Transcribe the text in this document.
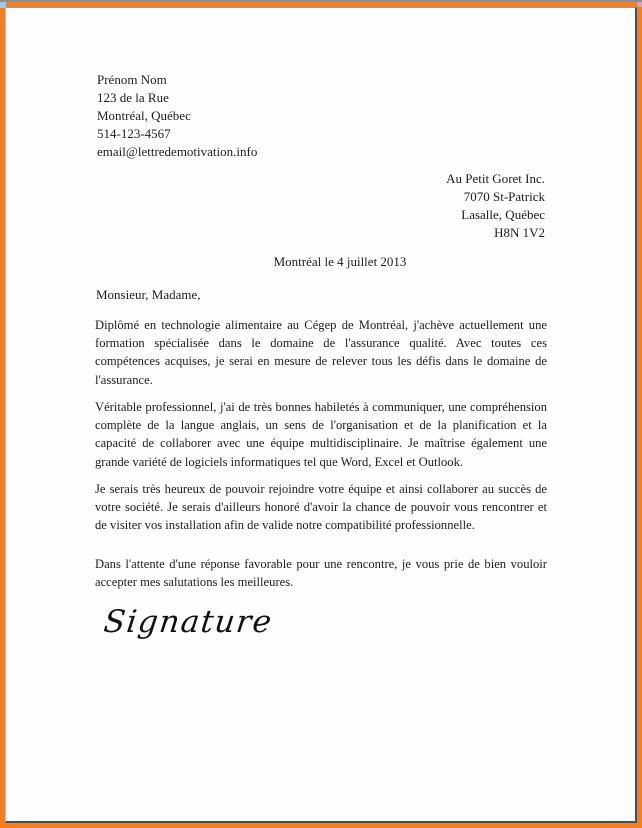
Prénom Nom
123 de la Rue
Montréal, Québec
514-123-4567
email@lettredemotivation.info
Au Petit Goret Inc.
7070 St-Patrick
Lasalle, Québec
H8N 1V2
Montréal le 4 juillet 2013
Monsieur, Madame,

Diplômé en technologie alimentaire au Cégep de Montréal, j'achève actuellement une formation spécialisée dans le domaine de l'assurance qualité. Avec toutes ces compétences acquises, je serai en mesure de relever tous les défis dans le domaine de l'assurance.

Véritable professionnel, j'ai de très bonnes habiletés à communiquer, une compréhension complète de la langue anglais, un sens de l'organisation et de la planification et la capacité de collaborer avec une équipe multidisciplinaire. Je maîtrise également une grande variété de logiciels informatiques tel que Word, Excel et Outlook.

Je serais très heureux de pouvoir rejoindre votre équipe et ainsi collaborer au succès de votre société. Je serais d'ailleurs honoré d'avoir la chance de pouvoir vous rencontrer et de visiter vos installation afin de valide notre compatibilité professionnelle.

Dans l'attente d'une réponse favorable pour une rencontre, je vous prie de bien vouloir accepter mes salutations les meilleures.

Signature
